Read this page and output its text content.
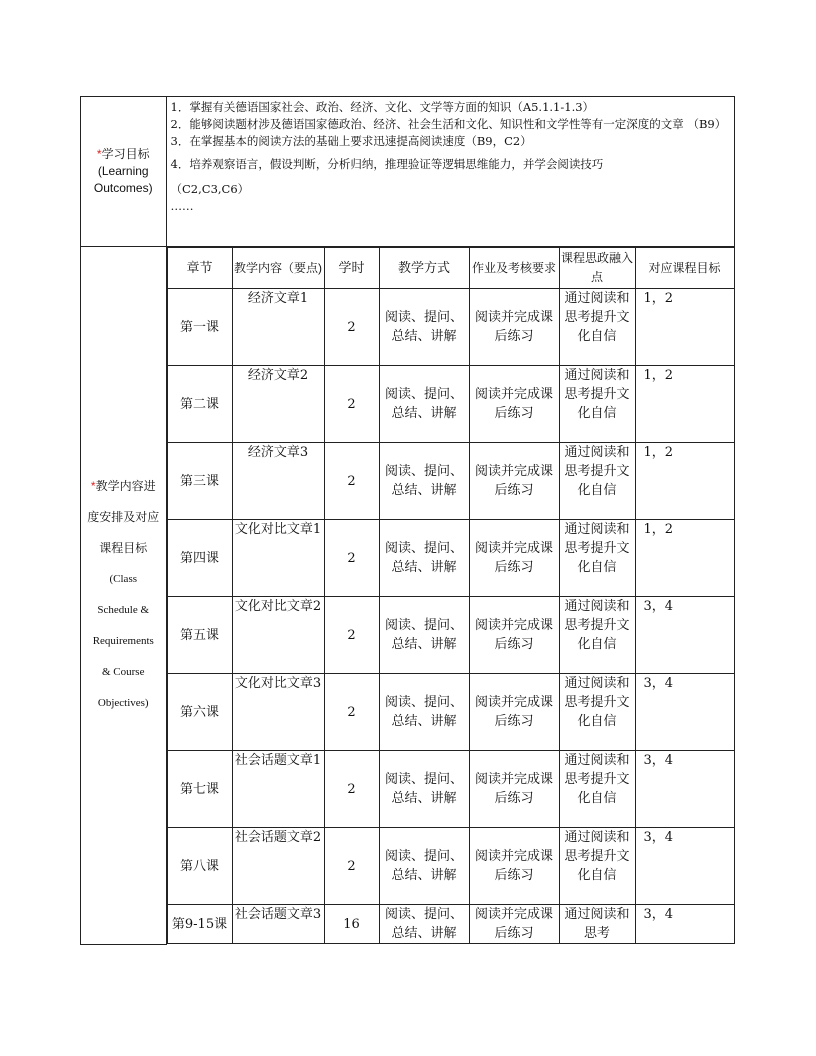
*学习目标
(Learning
Outcomes)

1．掌握有关德语国家社会、政治、经济、文化、文学等方面的知识（A5.1.1-1.3）
2．能够阅读题材涉及德语国家德政治、经济、社会生活和文化、知识性和文学性等有一定深度的文章 （B9）
3．在掌握基本的阅读方法的基础上要求迅速提高阅读速度（B9，C2）
4．培养观察语言，假设判断，分析归纳，推理验证等逻辑思维能力，并学会阅读技巧
（C2,C3,C6）
……

*教学内容进
度安排及对应
课程目标
(Class
Schedule &
Requirements
& Course
Objectives)

章节	教学内容（要点)	学时	教学方式	作业及考核要求	课程思政融入点	对应课程目标
第一课	经济文章1	2	阅读、提问、总结、讲解	阅读并完成课后练习	通过阅读和思考提升文化自信	1，2
第二课	经济文章2	2	阅读、提问、总结、讲解	阅读并完成课后练习	通过阅读和思考提升文化自信	1，2
第三课	经济文章3	2	阅读、提问、总结、讲解	阅读并完成课后练习	通过阅读和思考提升文化自信	1，2
第四课	文化对比文章1	2	阅读、提问、总结、讲解	阅读并完成课后练习	通过阅读和思考提升文化自信	1，2
第五课	文化对比文章2	2	阅读、提问、总结、讲解	阅读并完成课后练习	通过阅读和思考提升文化自信	3，4
第六课	文化对比文章3	2	阅读、提问、总结、讲解	阅读并完成课后练习	通过阅读和思考提升文化自信	3，4
第七课	社会话题文章1	2	阅读、提问、总结、讲解	阅读并完成课后练习	通过阅读和思考提升文化自信	3，4
第八课	社会话题文章2	2	阅读、提问、总结、讲解	阅读并完成课后练习	通过阅读和思考提升文化自信	3，4
第9-15课	社会话题文章3	16	阅读、提问、总结、讲解	阅读并完成课后练习	通过阅读和思考	3，4
